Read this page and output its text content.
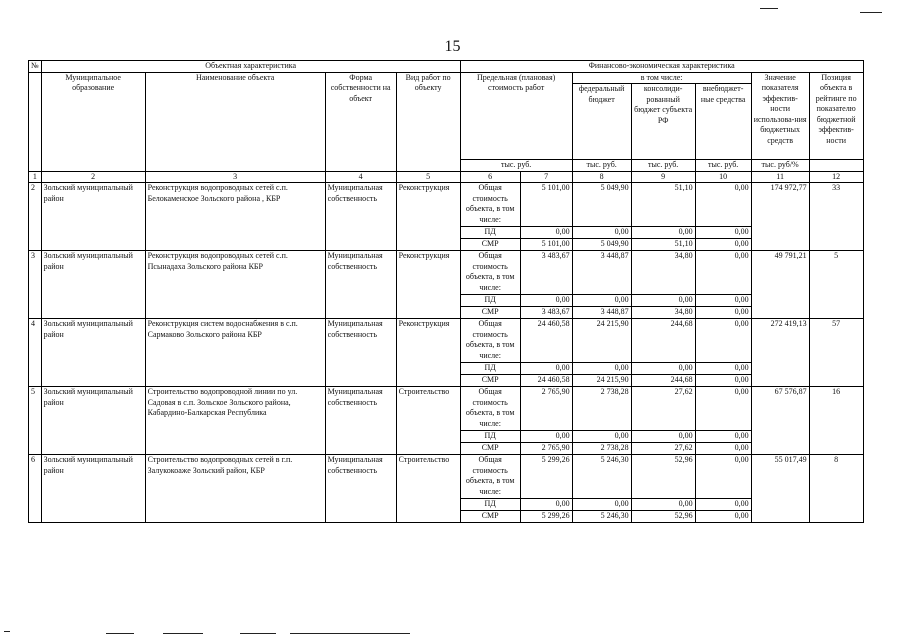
15
№	Объектная характеристика				Финансово-экономическая характеристика						
	Муниципальное образование	Наименование объекта	Форма собственности на объект	Вид работ по объекту	Предельная (плановая) стоимость работ		в том числе:			Значение показателя эффектив-ности использова-ния бюджетных средств	Позиция объекта в рейтинге по показателю бюджетной эффектив-ности
							федеральный бюджет	консолиди-рованный бюджет субъекта РФ	внебюджет-ные средства		
					тыс. руб.		тыс. руб.	тыс. руб.	тыс. руб.	тыс. руб/%	
1	2	3	4	5	6	7	8	9	10	11	12
2	Зольский муниципальный район	Реконструкция водопроводных сетей с.п. Белокаменское Зольского района , КБР	Муниципальная собственность	Реконструкция	Общая стоимость объекта, в том числе:	5 101,00	5 049,90	51,10	0,00	174 972,77	33
					ПД	0,00	0,00	0,00	0,00		
					СМР	5 101,00	5 049,90	51,10	0,00		
3	Зольский муниципальный район	Реконструкция водопроводных сетей с.п. Псынадаха Зольского района КБР	Муниципальная собственность	Реконструкция	Общая стоимость объекта, в том числе:	3 483,67	3 448,87	34,80	0,00	49 791,21	5
					ПД	0,00	0,00	0,00	0,00		
					СМР	3 483,67	3 448,87	34,80	0,00		
4	Зольский муниципальный район	Реконструкция систем водоснабжения в с.п. Сармаково Зольского района КБР	Муниципальная собственность	Реконструкция	Общая стоимость объекта, в том числе:	24 460,58	24 215,90	244,68	0,00	272 419,13	57
					ПД	0,00	0,00	0,00	0,00		
					СМР	24 460,58	24 215,90	244,68	0,00		
5	Зольский муниципальный район	Строительство водопроводной линии по ул. Садовая в с.п. Зольское Зольского района, Кабардино-Балкарская Республика	Муниципальная собственность	Строительство	Общая стоимость объекта, в том числе:	2 765,90	2 738,28	27,62	0,00	67 576,87	16
					ПД	0,00	0,00	0,00	0,00		
					СМР	2 765,90	2 738,28	27,62	0,00		
6	Зольский муниципальный район	Строительство водопроводных сетей в г.п. Залукокоаже Зольский район, КБР	Муниципальная собственность	Строительство	Общая стоимость объекта, в том числе:	5 299,26	5 246,30	52,96	0,00	55 017,49	8
					ПД	0,00	0,00	0,00	0,00		
					СМР	5 299,26	5 246,30	52,96	0,00		
